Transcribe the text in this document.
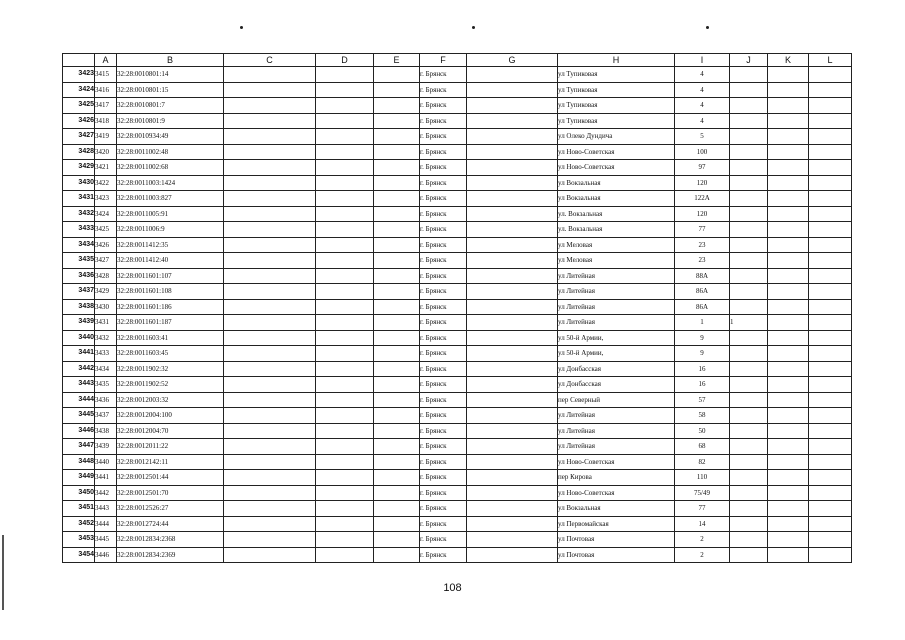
	A	B	C	D	E	F	G	H	I	J	K	L
3423	3415	32:28:0010801:14				г. Брянск		ул Тупиковая	4			
3424	3416	32:28:0010801:15				г. Брянск		ул Тупиковая	4			
3425	3417	32:28:0010801:7				г. Брянск		ул Тупиковая	4			
3426	3418	32:28:0010801:9				г. Брянск		ул Тупиковая	4			
3427	3419	32:28:0010934:49				г. Брянск		ул Олеко Дундича	5			
3428	3420	32:28:0011002:48				г. Брянск		ул Ново-Советская	100			
3429	3421	32:28:0011002:68				г. Брянск		ул Ново-Советская	97			
3430	3422	32:28:0011003:1424				г. Брянск		ул Вокзальная	120			
3431	3423	32:28:0011003:827				г. Брянск		ул Вокзальная	122А			
3432	3424	32:28:0011005:91				г. Брянск		ул. Вокзальная	120			
3433	3425	32:28:0011006:9				г. Брянск		ул. Вокзальная	77			
3434	3426	32:28:0011412:35				г. Брянск		ул Меловая	23			
3435	3427	32:28:0011412:40				г. Брянск		ул Меловая	23			
3436	3428	32:28:0011601:107				г. Брянск		ул Литейная	88А			
3437	3429	32:28:0011601:108				г. Брянск		ул Литейная	86А			
3438	3430	32:28:0011601:186				г. Брянск		ул Литейная	86А			
3439	3431	32:28:0011601:187				г. Брянск		ул Литейная	1	1		
3440	3432	32:28:0011603:41				г. Брянск		ул 50-й Армии,	9			
3441	3433	32:28:0011603:45				г. Брянск		ул 50-й Армии,	9			
3442	3434	32:28:0011902:32				г. Брянск		ул Донбасская	16			
3443	3435	32:28:0011902:52				г. Брянск		ул Донбасская	16			
3444	3436	32:28:0012003:32				г. Брянск		пер Северный	57			
3445	3437	32:28:0012004:100				г. Брянск		ул Литейная	58			
3446	3438	32:28:0012004:70				г. Брянск		ул Литейная	50			
3447	3439	32:28:0012011:22				г. Брянск		ул Литейная	68			
3448	3440	32:28:0012142:11				г. Брянск		ул Ново-Советская	82			
3449	3441	32:28:0012501:44				г. Брянск		пер Кирова	110			
3450	3442	32:28:0012501:70				г. Брянск		ул Ново-Советская	75/49			
3451	3443	32:28:0012526:27				г. Брянск		ул Вокзальная	77			
3452	3444	32:28:0012724:44				г. Брянск		ул Первомайская	14			
3453	3445	32:28:0012834:2368				г. Брянск		ул Почтовая	2			
3454	3446	32:28:0012834:2369				г. Брянск		ул Почтовая	2			
108
